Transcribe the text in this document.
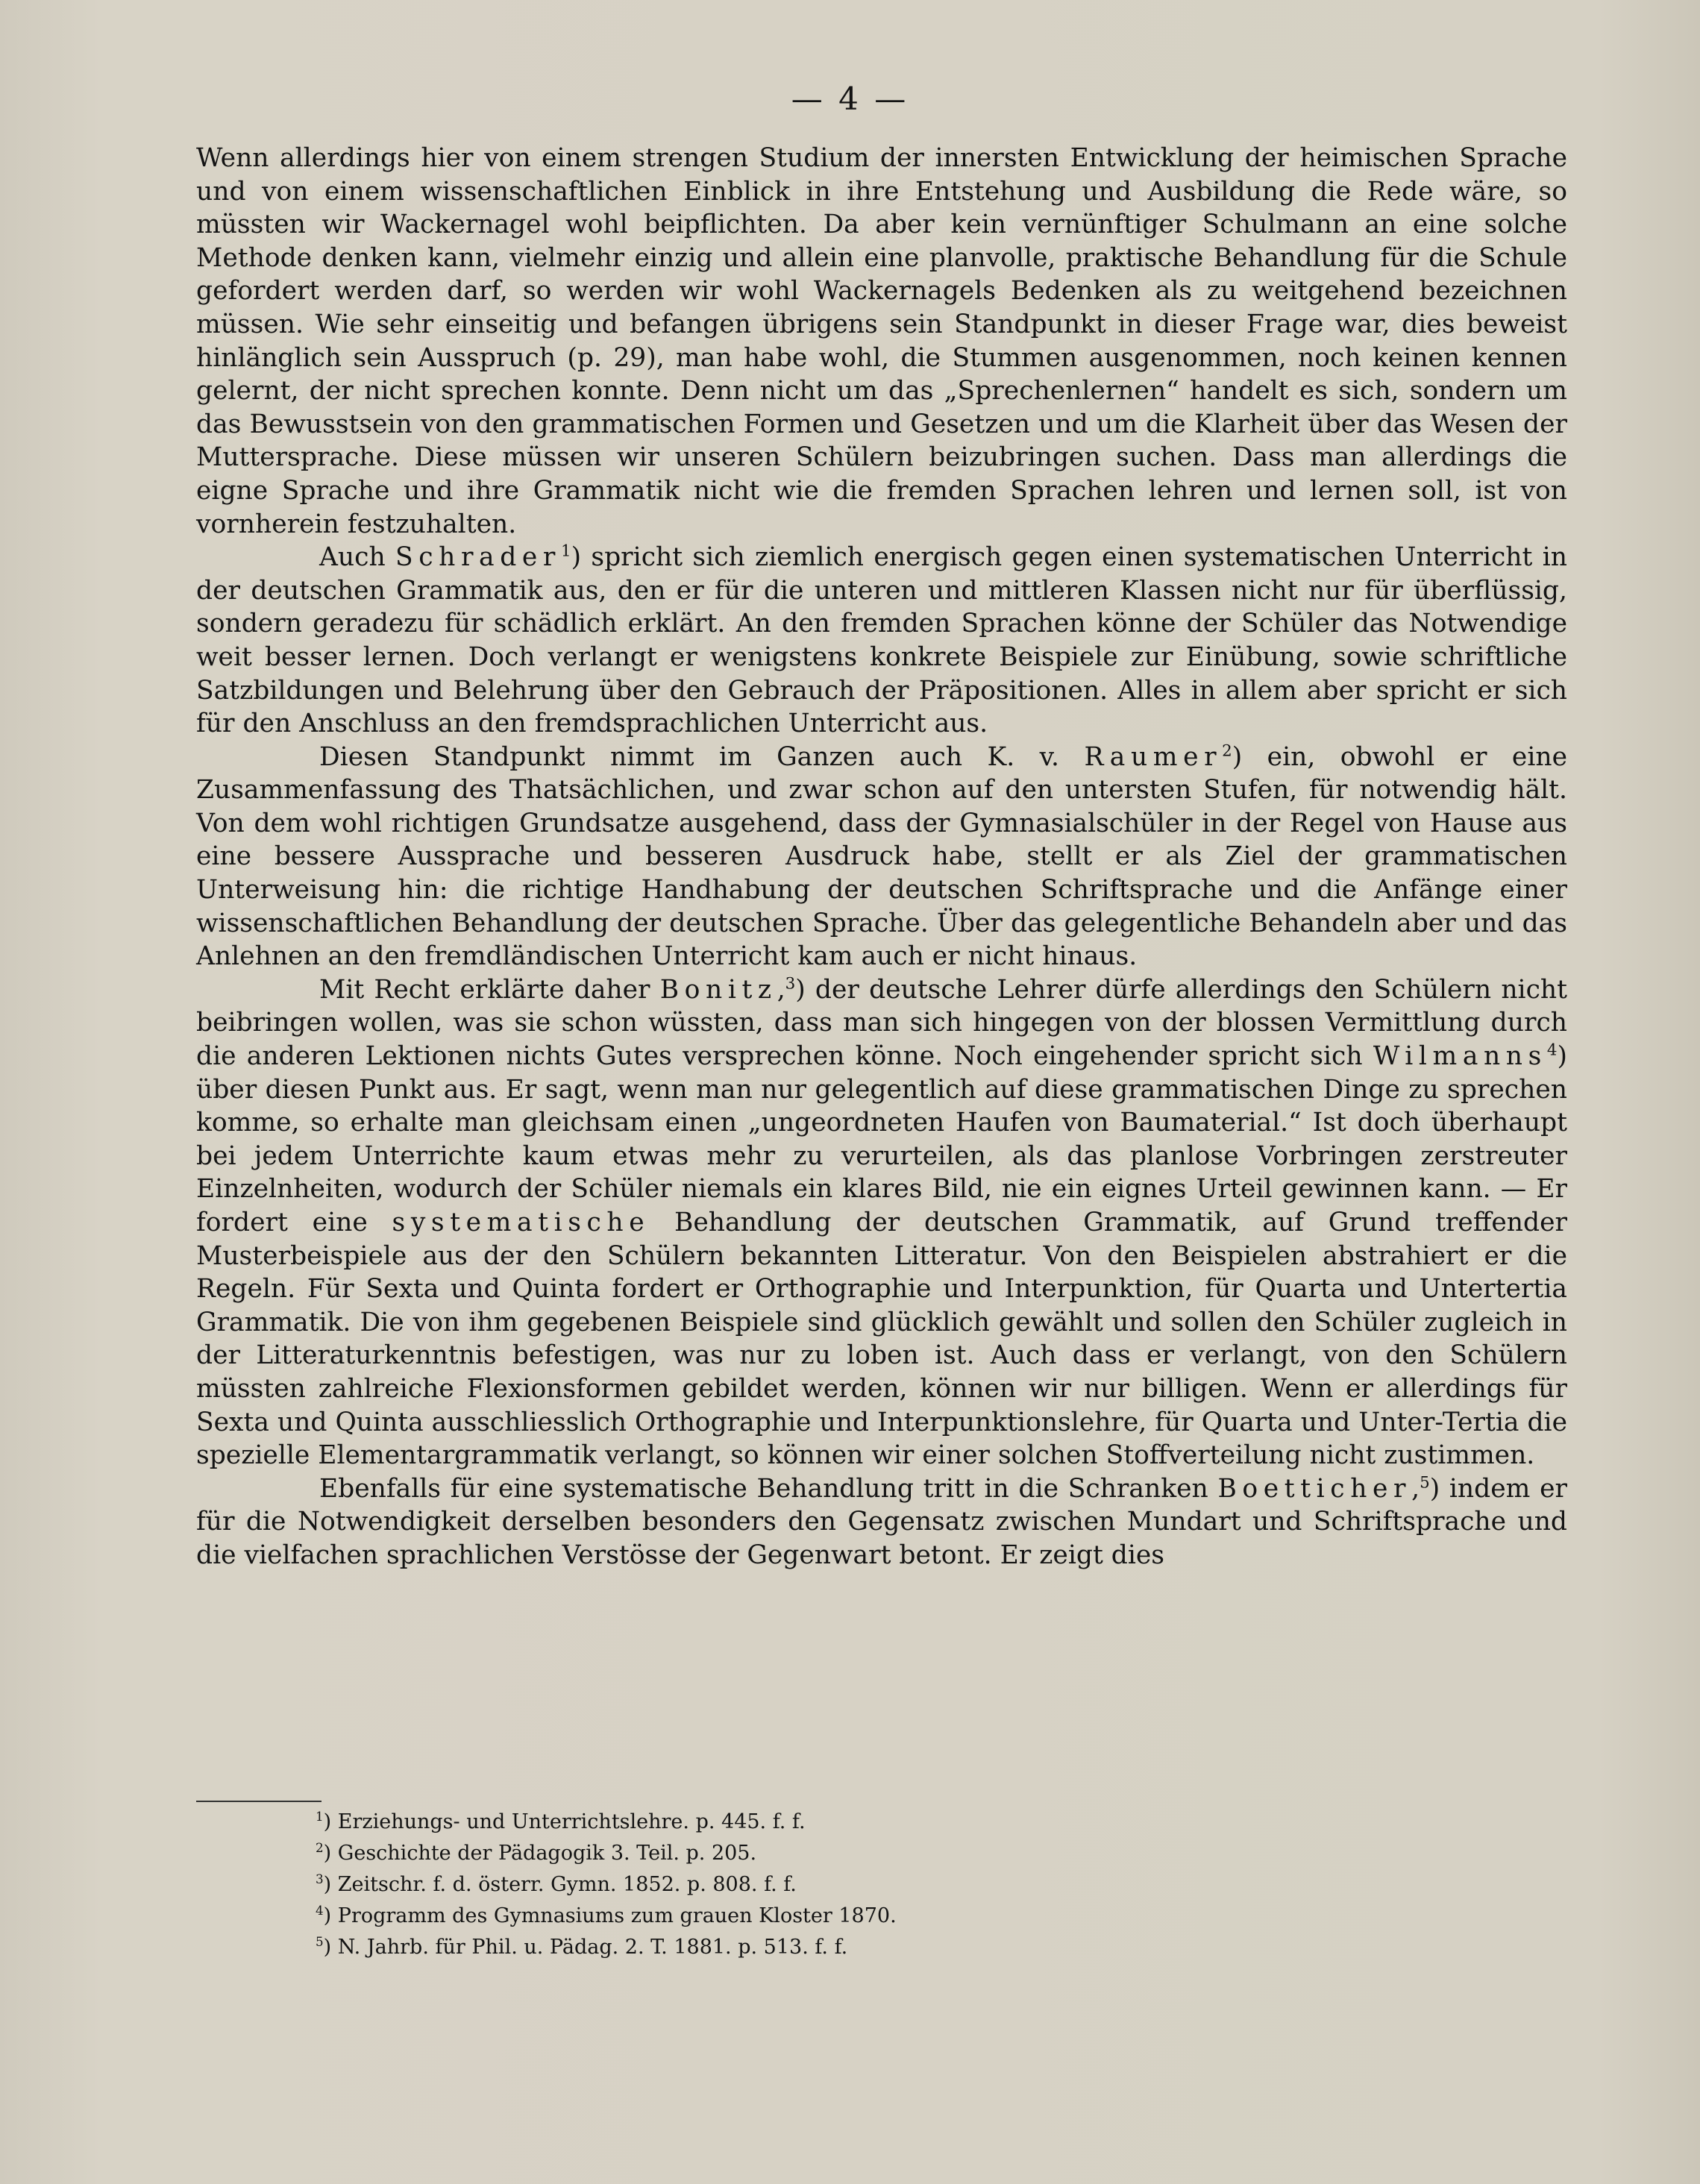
— 4 —

Wenn allerdings hier von einem strengen Studium der innersten Entwicklung der heimischen Sprache und von einem wissenschaftlichen Einblick in ihre Entstehung und Ausbildung die Rede wäre, so müssten wir Wackernagel wohl beipflichten. Da aber kein vernünftiger Schulmann an eine solche Methode denken kann, vielmehr einzig und allein eine planvolle, praktische Behandlung für die Schule gefordert werden darf, so werden wir wohl Wackernagels Bedenken als zu weitgehend bezeichnen müssen. Wie sehr einseitig und befangen übrigens sein Standpunkt in dieser Frage war, dies beweist hinlänglich sein Ausspruch (p. 29), man habe wohl, die Stummen ausgenommen, noch keinen kennen gelernt, der nicht sprechen konnte. Denn nicht um das „Sprechenlernen“ handelt es sich, sondern um das Bewusstsein von den grammatischen Formen und Gesetzen und um die Klarheit über das Wesen der Muttersprache. Diese müssen wir unseren Schülern beizubringen suchen. Dass man allerdings die eigne Sprache und ihre Grammatik nicht wie die fremden Sprachen lehren und lernen soll, ist von vornherein festzuhalten.

Auch Schrader$^1$) spricht sich ziemlich energisch gegen einen systematischen Unterricht in der deutschen Grammatik aus, den er für die unteren und mittleren Klassen nicht nur für überflüssig, sondern geradezu für schädlich erklärt. An den fremden Sprachen könne der Schüler das Notwendige weit besser lernen. Doch verlangt er wenigstens konkrete Beispiele zur Einübung, sowie schriftliche Satzbildungen und Belehrung über den Gebrauch der Präpositionen. Alles in allem aber spricht er sich für den Anschluss an den fremdsprachlichen Unterricht aus.

Diesen Standpunkt nimmt im Ganzen auch K. v. Raumer$^2$) ein, obwohl er eine Zusammenfassung des Thatsächlichen, und zwar schon auf den untersten Stufen, für notwendig hält. Von dem wohl richtigen Grundsatze ausgehend, dass der Gymnasialschüler in der Regel von Hause aus eine bessere Aussprache und besseren Ausdruck habe, stellt er als Ziel der grammatischen Unterweisung hin: die richtige Handhabung der deutschen Schriftsprache und die Anfänge einer wissenschaftlichen Behandlung der deutschen Sprache. Über das gelegentliche Behandeln aber und das Anlehnen an den fremdländischen Unterricht kam auch er nicht hinaus.

Mit Recht erklärte daher Bonitz,$^3$) der deutsche Lehrer dürfe allerdings den Schülern nicht beibringen wollen, was sie schon wüssten, dass man sich hingegen von der blossen Vermittlung durch die anderen Lektionen nichts Gutes versprechen könne. Noch eingehender spricht sich Wilmanns$^4$) über diesen Punkt aus. Er sagt, wenn man nur gelegentlich auf diese grammatischen Dinge zu sprechen komme, so erhalte man gleichsam einen „ungeordneten Haufen von Baumaterial.“ Ist doch überhaupt bei jedem Unterrichte kaum etwas mehr zu verurteilen, als das planlose Vorbringen zerstreuter Einzelnheiten, wodurch der Schüler niemals ein klares Bild, nie ein eignes Urteil gewinnen kann. — Er fordert eine systematische Behandlung der deutschen Grammatik, auf Grund treffender Musterbeispiele aus der den Schülern bekannten Litteratur. Von den Beispielen abstrahiert er die Regeln. Für Sexta und Quinta fordert er Orthographie und Interpunktion, für Quarta und Untertertia Grammatik. Die von ihm gegebenen Beispiele sind glücklich gewählt und sollen den Schüler zugleich in der Litteraturkenntnis befestigen, was nur zu loben ist. Auch dass er verlangt, von den Schülern müssten zahlreiche Flexionsformen gebildet werden, können wir nur billigen. Wenn er allerdings für Sexta und Quinta ausschliesslich Orthographie und Interpunktionslehre, für Quarta und Unter-Tertia die spezielle Elementargrammatik verlangt, so können wir einer solchen Stoffverteilung nicht zustimmen.

Ebenfalls für eine systematische Behandlung tritt in die Schranken Boetticher,$^5$) indem er für die Notwendigkeit derselben besonders den Gegensatz zwischen Mundart und Schriftsprache und die vielfachen sprachlichen Verstösse der Gegenwart betont. Er zeigt dies

$^1$) Erziehungs- und Unterrichtslehre. p. 445. f. f.
$^2$) Geschichte der Pädagogik 3. Teil. p. 205.
$^3$) Zeitschr. f. d. österr. Gymn. 1852. p. 808. f. f.
$^4$) Programm des Gymnasiums zum grauen Kloster 1870.
$^5$) N. Jahrb. für Phil. u. Pädag. 2. T. 1881. p. 513. f. f.
